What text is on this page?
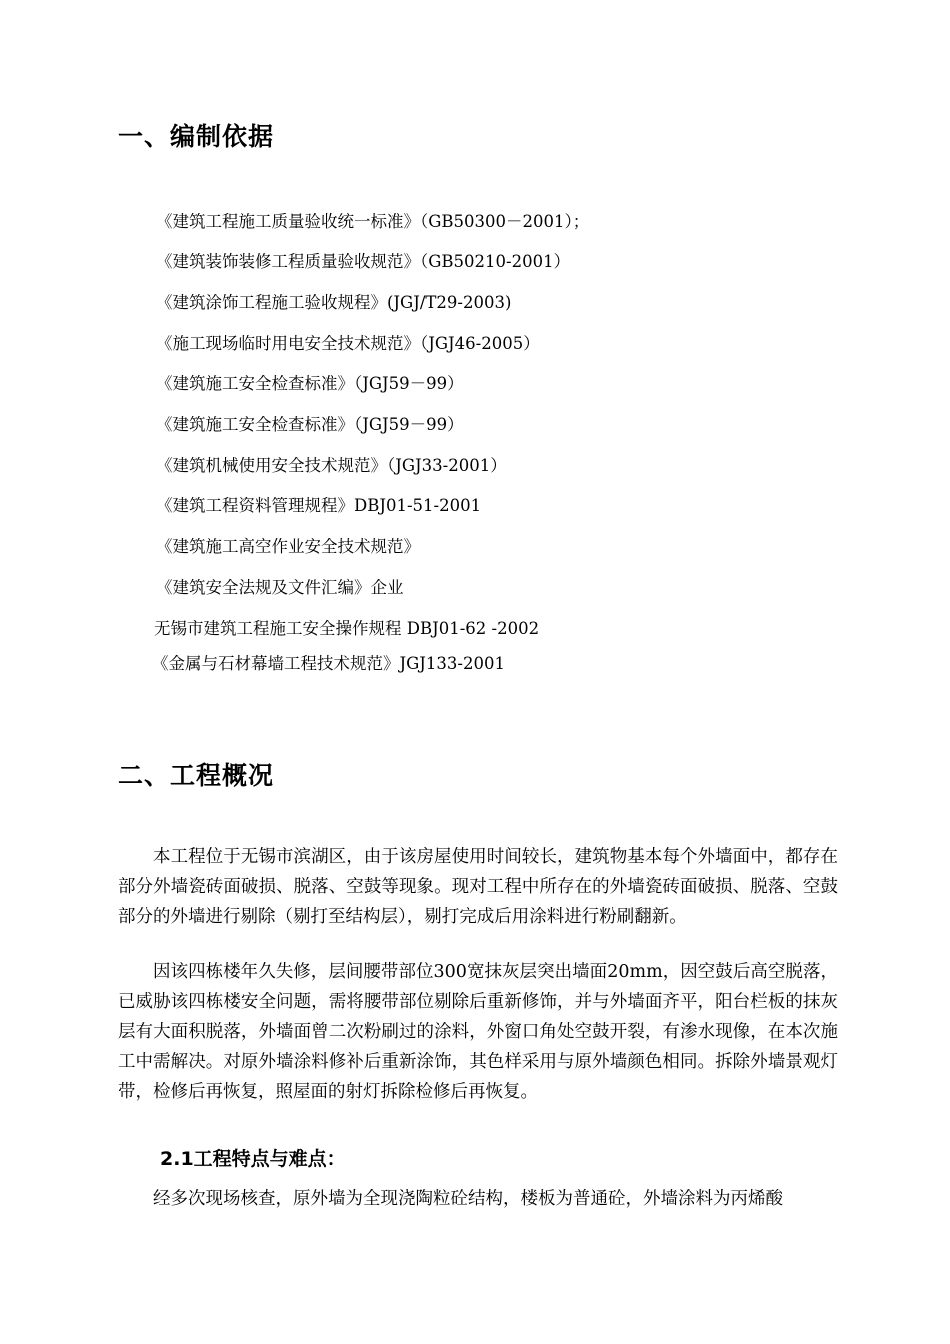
一、编制依据
《建筑工程施工质量验收统一标准》（GB50300－2001）；
《建筑装饰装修工程质量验收规范》（GB50210-2001）
《建筑涂饰工程施工验收规程》(JGJ/T29-2003)
《施工现场临时用电安全技术规范》（JGJ46-2005）
《建筑施工安全检查标准》（JGJ59－99）
《建筑施工安全检查标准》（JGJ59－99）
《建筑机械使用安全技术规范》（JGJ33-2001）
《建筑工程资料管理规程》DBJ01-51-2001
《建筑施工高空作业安全技术规范》
《建筑安全法规及文件汇编》企业
无锡市建筑工程施工安全操作规程 DBJ01-62 -2002
《金属与石材幕墙工程技术规范》JGJ133-2001
二、工程概况

本工程位于无锡市滨湖区，由于该房屋使用时间较长，建筑物基本每个外墙面中，都存在部分外墙瓷砖面破损、脱落、空鼓等现象。现对工程中所存在的外墙瓷砖面破损、脱落、空鼓部分的外墙进行剔除（剔打至结构层），剔打完成后用涂料进行粉刷翻新。

因该四栋楼年久失修，层间腰带部位300宽抹灰层突出墙面20mm，因空鼓后高空脱落，已威胁该四栋楼安全问题，需将腰带部位剔除后重新修饰，并与外墙面齐平，阳台栏板的抹灰层有大面积脱落，外墙面曾二次粉刷过的涂料，外窗口角处空鼓开裂，有渗水现像，在本次施工中需解决。对原外墙涂料修补后重新涂饰，其色样采用与原外墙颜色相同。拆除外墙景观灯带，检修后再恢复，照屋面的射灯拆除检修后再恢复。

2.1工程特点与难点：

经多次现场核查，原外墙为全现浇陶粒砼结构，楼板为普通砼，外墙涂料为丙烯酸
